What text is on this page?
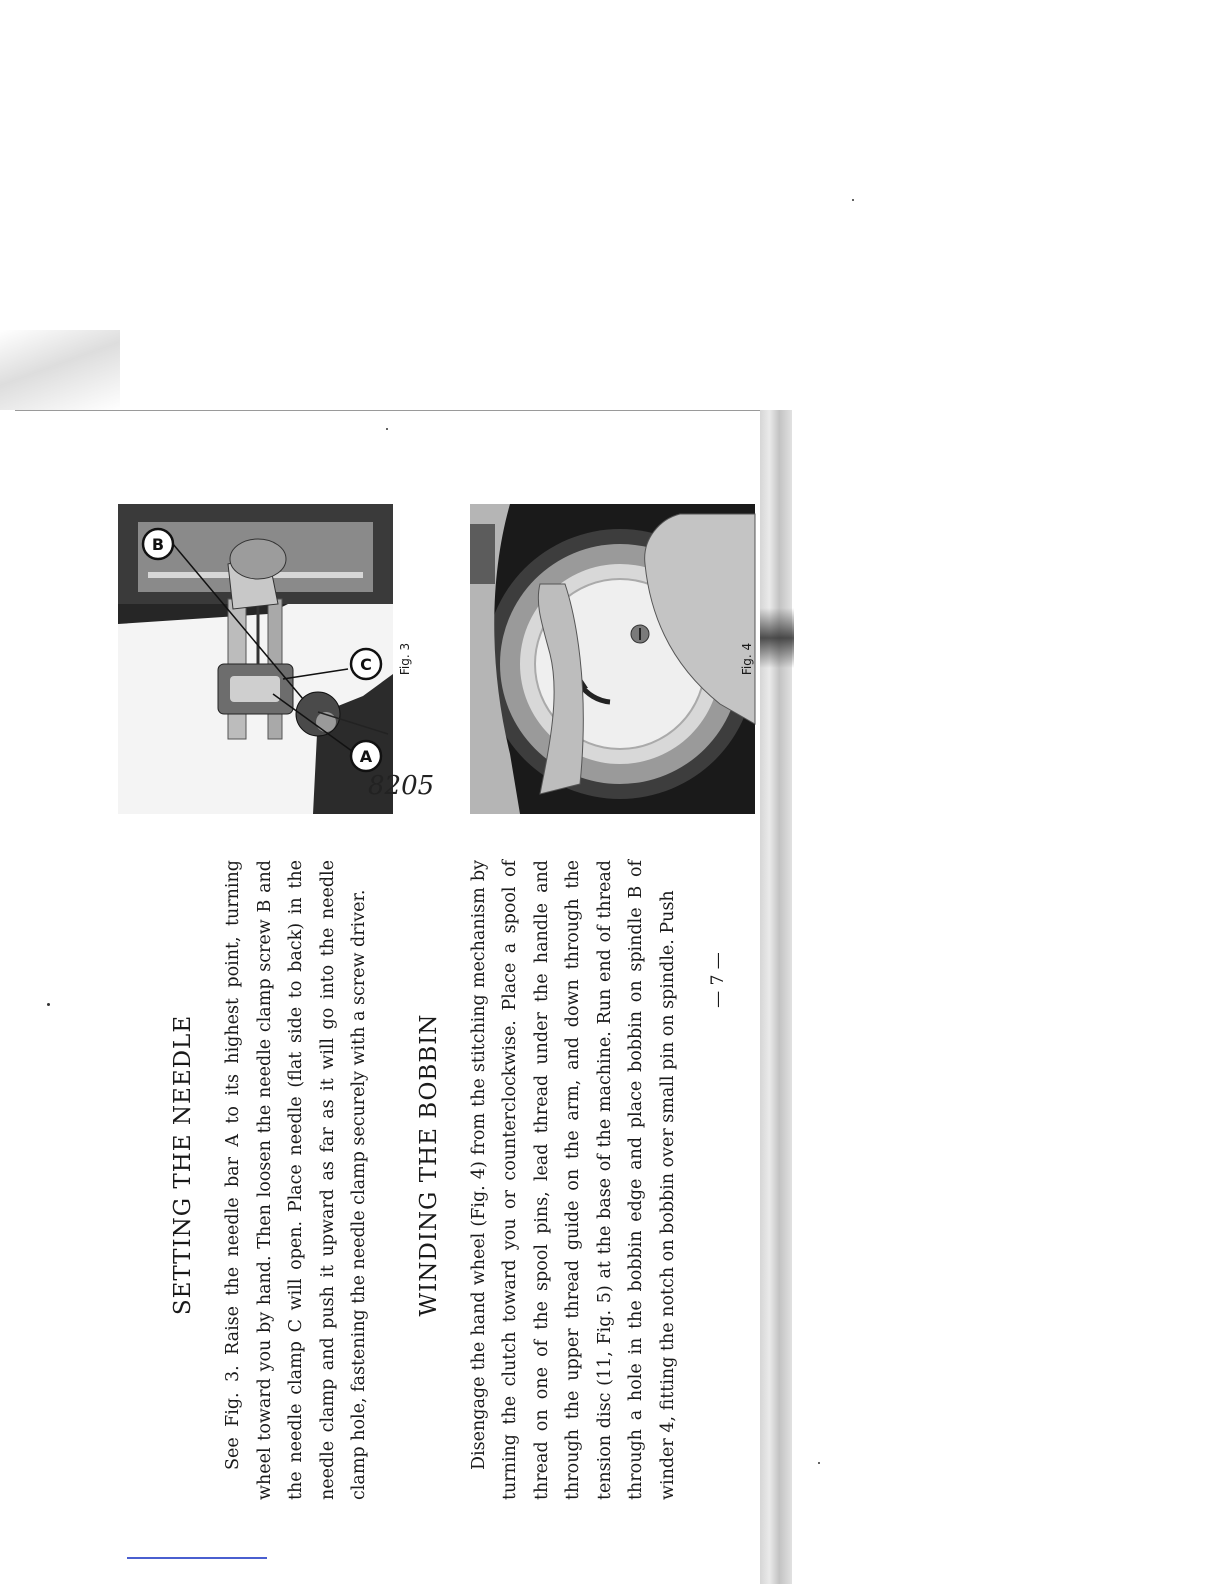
SETTING THE NEEDLE See Fig. 3. Raise the needle bar A to its highest point, turning wheel toward you by hand. Then loosen the needle clamp screw B and the needle clamp C will open. Place needle (flat side to back) in the needle clamp and push it upward as far as it will go into the needle clamp hole, fastening the needle clamp securely with a screw driver. WINDING THE BOBBIN Disengage the hand wheel (Fig. 4) from the stitching mechanism by turning the clutch toward you or counterclockwise. Place a spool of thread on one of the spool pins, lead thread under the handle and through the upper thread guide on the arm, and down through the tension disc (11, Fig. 5) at the base of the machine. Run end of thread through a hole in the bobbin edge and place bobbin on spindle B of winder 4, fitting the notch on bobbin over small pin on spindle. Push

A
C
B
8205
Fig. 3	Fig. 4
— 7 —
